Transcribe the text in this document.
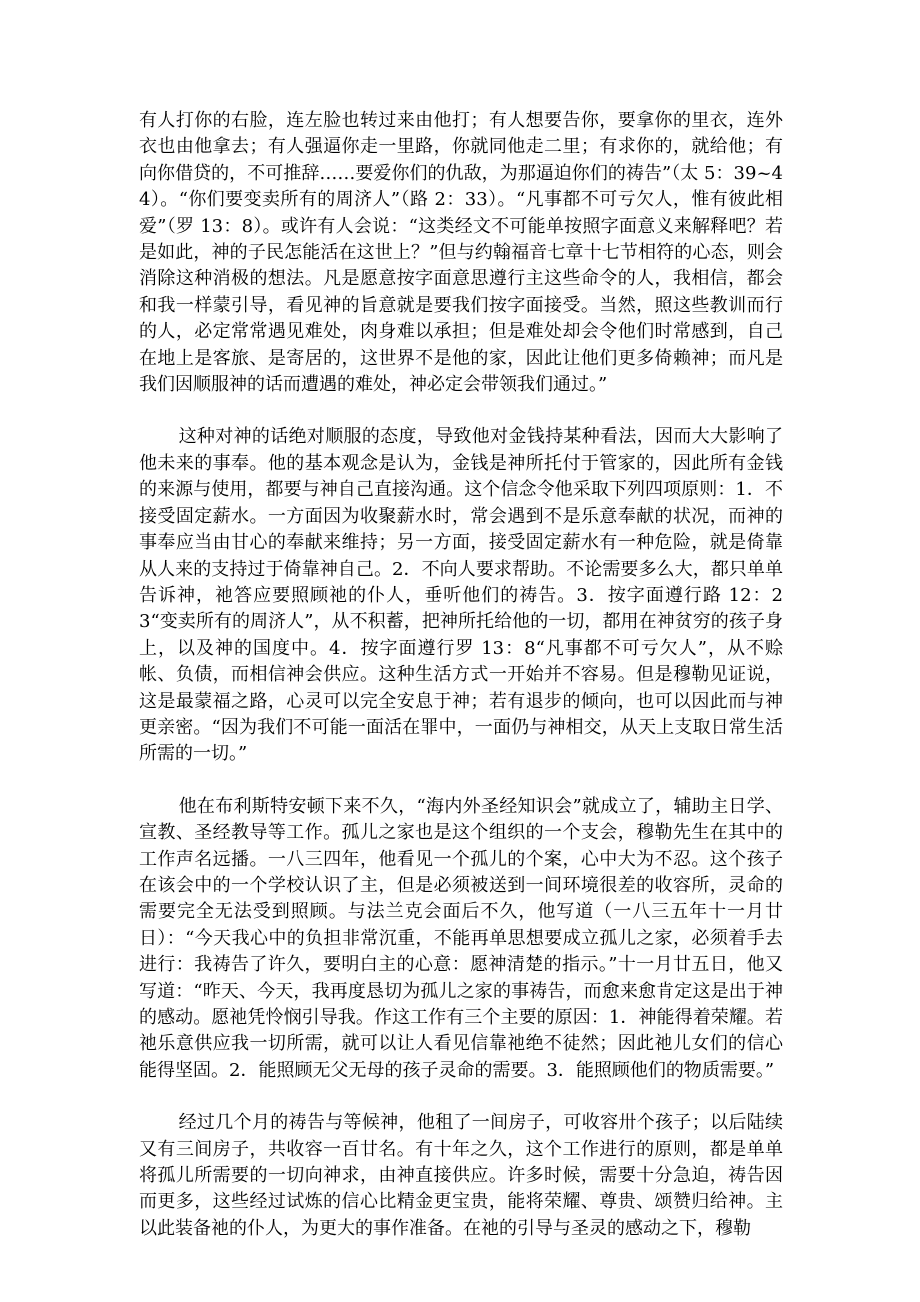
有人打你的右脸，连左脸也转过来由他打；有人想要告你，要拿你的里衣，连外衣也由他拿去；有人强逼你走一里路，你就同他走二里；有求你的，就给他；有向你借贷的，不可推辞……要爱你们的仇敌，为那逼迫你们的祷告”（太 5：39~44）。“你们要变卖所有的周济人”（路 2：33）。“凡事都不可亏欠人，惟有彼此相爱”（罗 13：8）。或许有人会说：“这类经文不可能单按照字面意义来解释吧？若是如此，神的子民怎能活在这世上？”但与约翰福音七章十七节相符的心态，则会消除这种消极的想法。凡是愿意按字面意思遵行主这些命令的人，我相信，都会和我一样蒙引导，看见神的旨意就是要我们按字面接受。当然，照这些教训而行的人，必定常常遇见难处，肉身难以承担；但是难处却会令他们时常感到，自己在地上是客旅、是寄居的，这世界不是他的家，因此让他们更多倚赖神；而凡是我们因顺服神的话而遭遇的难处，神必定会带领我们通过。”

这种对神的话绝对顺服的态度，导致他对金钱持某种看法，因而大大影响了他未来的事奉。他的基本观念是认为，金钱是神所托付于管家的，因此所有金钱的来源与使用，都要与神自己直接沟通。这个信念令他采取下列四项原则：1．不接受固定薪水。一方面因为收聚薪水时，常会遇到不是乐意奉献的状况，而神的事奉应当由甘心的奉献来维持；另一方面，接受固定薪水有一种危险，就是倚靠从人来的支持过于倚靠神自己。2．不向人要求帮助。不论需要多么大，都只单单告诉神，祂答应要照顾祂的仆人，垂听他们的祷告。3．按字面遵行路 12：23“变卖所有的周济人”，从不积蓄，把神所托给他的一切，都用在神贫穷的孩子身上，以及神的国度中。4．按字面遵行罗 13：8“凡事都不可亏欠人”，从不赊帐、负债，而相信神会供应。这种生活方式一开始并不容易。但是穆勒见证说，这是最蒙福之路，心灵可以完全安息于神；若有退步的倾向，也可以因此而与神更亲密。“因为我们不可能一面活在罪中，一面仍与神相交，从天上支取日常生活所需的一切。”

他在布利斯特安顿下来不久，“海内外圣经知识会”就成立了，辅助主日学、宣教、圣经教导等工作。孤儿之家也是这个组织的一个支会，穆勒先生在其中的工作声名远播。一八三四年，他看见一个孤儿的个案，心中大为不忍。这个孩子在该会中的一个学校认识了主，但是必须被送到一间环境很差的收容所，灵命的需要完全无法受到照顾。与法兰克会面后不久，他写道（一八三五年十一月廿日）：“今天我心中的负担非常沉重，不能再单思想要成立孤儿之家，必须着手去进行：我祷告了许久，要明白主的心意：愿神清楚的指示。”十一月廿五日，他又写道：“昨天、今天，我再度恳切为孤儿之家的事祷告，而愈来愈肯定这是出于神的感动。愿祂凭怜悯引导我。作这工作有三个主要的原因：1．神能得着荣耀。若祂乐意供应我一切所需，就可以让人看见信靠祂绝不徒然；因此祂儿女们的信心能得坚固。2．能照顾无父无母的孩子灵命的需要。3．能照顾他们的物质需要。”

经过几个月的祷告与等候神，他租了一间房子，可收容卅个孩子；以后陆续又有三间房子，共收容一百廿名。有十年之久，这个工作进行的原则，都是单单将孤儿所需要的一切向神求，由神直接供应。许多时候，需要十分急迫，祷告因而更多，这些经过试炼的信心比精金更宝贵，能将荣耀、尊贵、颂赞归给神。主以此装备祂的仆人，为更大的事作准备。在祂的引导与圣灵的感动之下，穆勒
